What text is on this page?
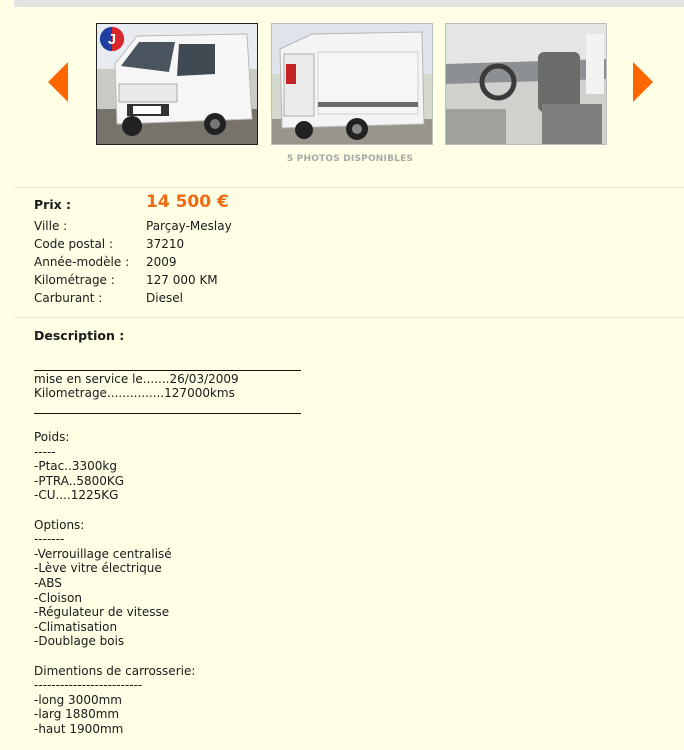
J
5 PHOTOS DISPONIBLES
Prix :	14 500 €
Ville :	Parçay-Meslay
Code postal :	37210
Année-modèle :	2009
Kilométrage :	127 000 KM
Carburant :	Diesel
Description :
mise en service le.......26/03/2009
Kilometrage...............127000kms
Poids:
-----
-Ptac..3300kg
-PTRA..5800KG
-CU....1225KG

Options:
-------
-Verrouillage centralisé
-Lève vitre électrique
-ABS
-Cloison
-Régulateur de vitesse
-Climatisation
-Doublage bois

Dimentions de carrosserie:
-------------------------
-long 3000mm
-larg 1880mm
-haut 1900mm
